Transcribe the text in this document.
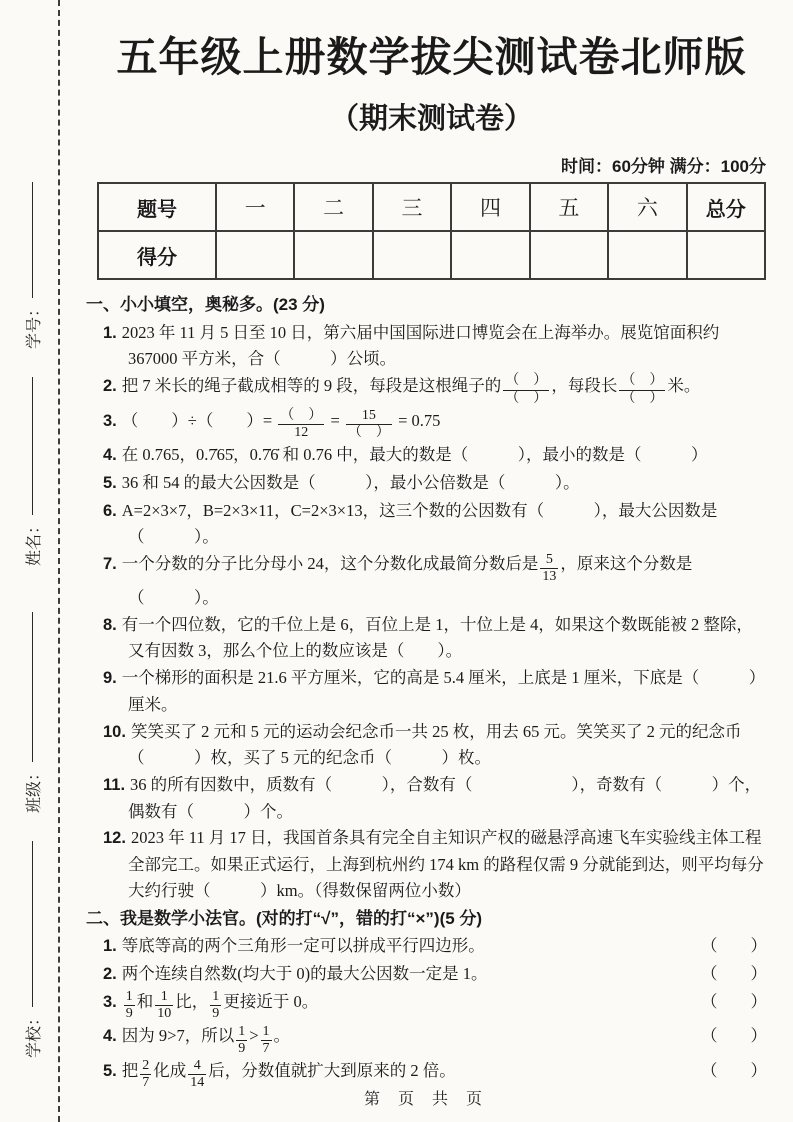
学校：
班级：
姓名：
学号：
五年级上册数学拔尖测试卷北师版
（期末测试卷）
时间：60分钟 满分：100分
题号	一	二	三	四	五	六	总分
得分							
一、小小填空，奥秘多。(23 分)
1. 2023 年 11 月 5 日至 10 日，第六届中国国际进口博览会在上海举办。展览馆面积约 367000 平方米，合（　　　）公顷。
2. 把 7 米长的绳子截成相等的 9 段，每段是这根绳子的 $\frac{( )}{( )}$ ，每段长 $\frac{( )}{( )}$ 米。
3. （　　）÷（　　）= $\frac{( )}{12} = \frac{15}{( )} = 0.75$
4. 在 0.765，0.7̇65̇，0.7̇6̇ 和 0.76 中，最大的数是（　　　），最小的数是（　　　）
5. 36 和 54 的最大公因数是（　　　），最小公倍数是（　　　）。
6. A=2×3×7，B=2×3×11，C=2×3×13，这三个数的公因数有（　　　），最大公因数是（　　　）。
7. 一个分数的分子比分母小 24，这个分数化成最简分数后是 $\frac{5}{13}$ ，原来这个分数是（　　　）。
8. 有一个四位数，它的千位上是 6，百位上是 1，十位上是 4，如果这个数既能被 2 整除，又有因数 3，那么个位上的数应该是（　　）。
9. 一个梯形的面积是 21.6 平方厘米，它的高是 5.4 厘米，上底是 1 厘米，下底是（　　　）厘米。
10. 笑笑买了 2 元和 5 元的运动会纪念币一共 25 枚，用去 65 元。笑笑买了 2 元的纪念币（　　　）枚，买了 5 元的纪念币（　　　）枚。
11. 36 的所有因数中，质数有（　　　），合数有（　　　　　　），奇数有（　　　）个，偶数有（　　　）个。
12. 2023 年 11 月 17 日，我国首条具有完全自主知识产权的磁悬浮高速飞车实验线主体工程全部完工。如果正式运行，上海到杭州约 174 km 的路程仅需 9 分就能到达，则平均每分大约行驶（　　　）km。（得数保留两位小数）
二、我是数学小法官。(对的打“√”，错的打“×”)(5 分)
（　　）
1. 等底等高的两个三角形一定可以拼成平行四边形。
（　　）
2. 两个连续自然数(均大于 0)的最大公因数一定是 1。
（　　）
3. $\frac{1}{9}$ 和 $\frac{1}{10}$ 比， $\frac{1}{9}$ 更接近于 0。
（　　）
4. 因为 9>7，所以 $\frac{1}{9} > \frac{1}{7}$ 。
（　　）
5. 把 $\frac{2}{7}$ 化成 $\frac{4}{14}$ 后，分数值就扩大到原来的 2 倍。
第 页 共 页
